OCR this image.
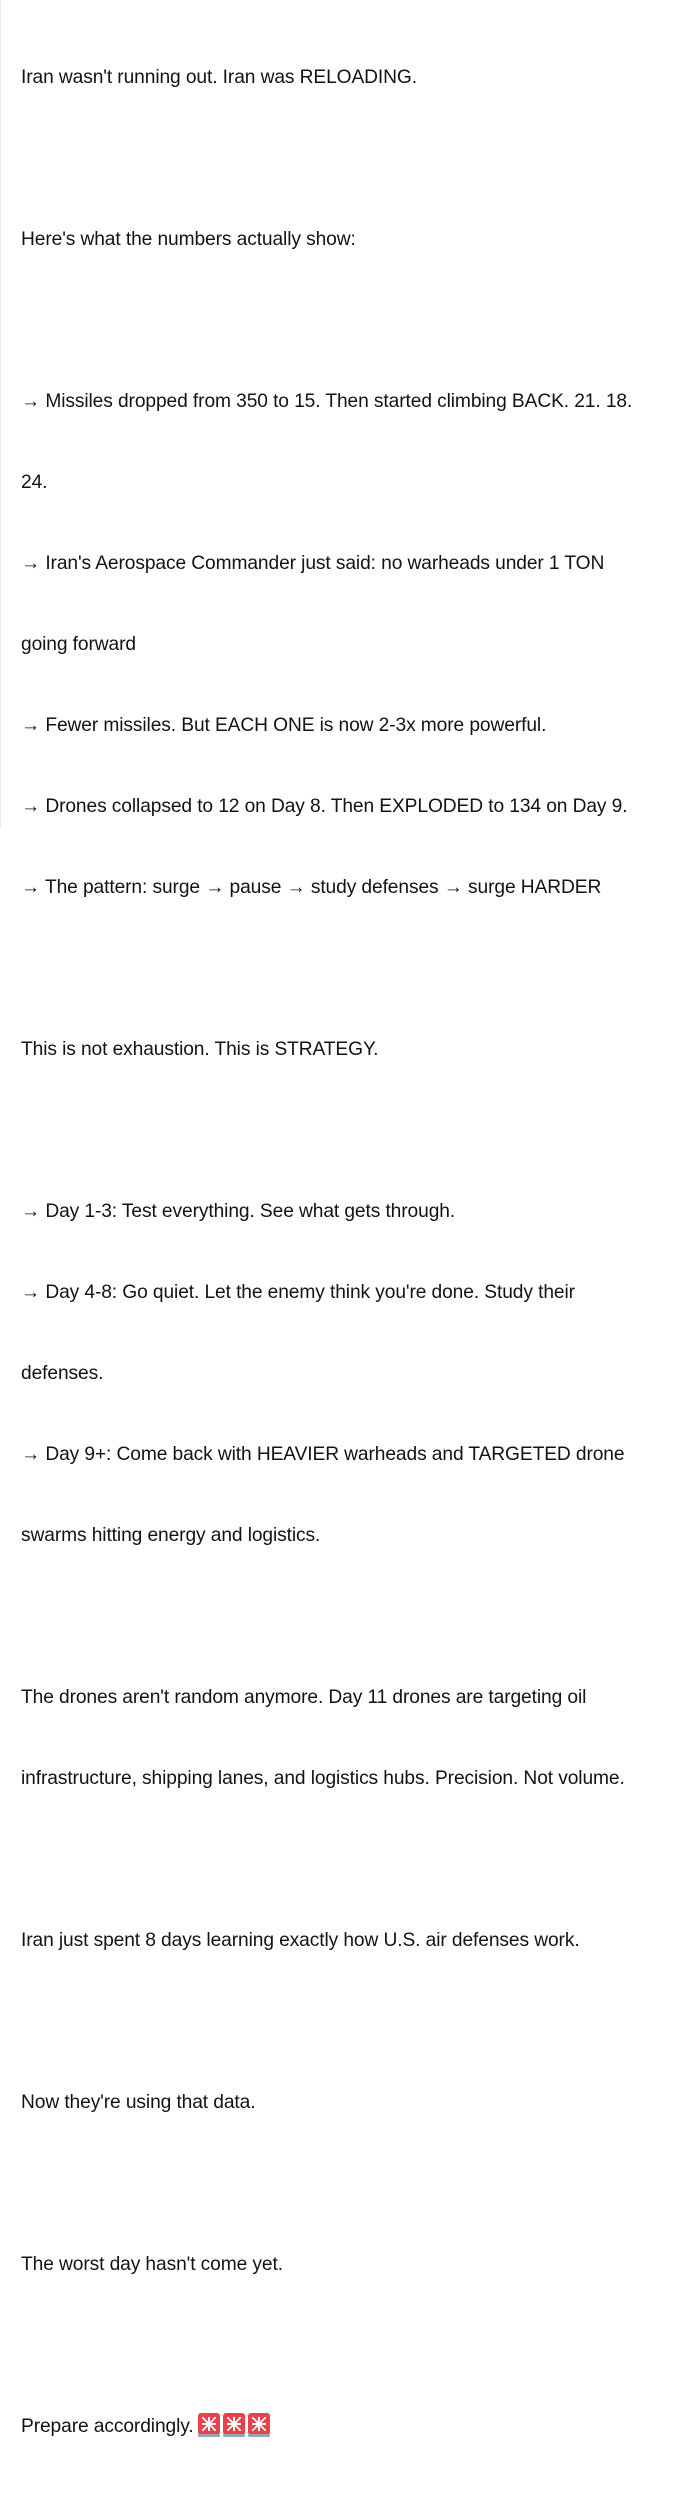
Iran wasn't running out. Iran was RELOADING.

Here's what the numbers actually show:

→ Missiles dropped from 350 to 15. Then started climbing BACK. 21. 18.

24.

→ Iran's Aerospace Commander just said: no warheads under 1 TON

going forward

→ Fewer missiles. But EACH ONE is now 2-3x more powerful.

→ Drones collapsed to 12 on Day 8. Then EXPLODED to 134 on Day 9.

→ The pattern: surge → pause → study defenses → surge HARDER

This is not exhaustion. This is STRATEGY.

→ Day 1-3: Test everything. See what gets through.

→ Day 4-8: Go quiet. Let the enemy think you're done. Study their

defenses.

→ Day 9+: Come back with HEAVIER warheads and TARGETED drone

swarms hitting energy and logistics.

The drones aren't random anymore. Day 11 drones are targeting oil

infrastructure, shipping lanes, and logistics hubs. Precision. Not volume.

Iran just spent 8 days learning exactly how U.S. air defenses work.

Now they're using that data.

The worst day hasn't come yet.

Prepare accordingly.
